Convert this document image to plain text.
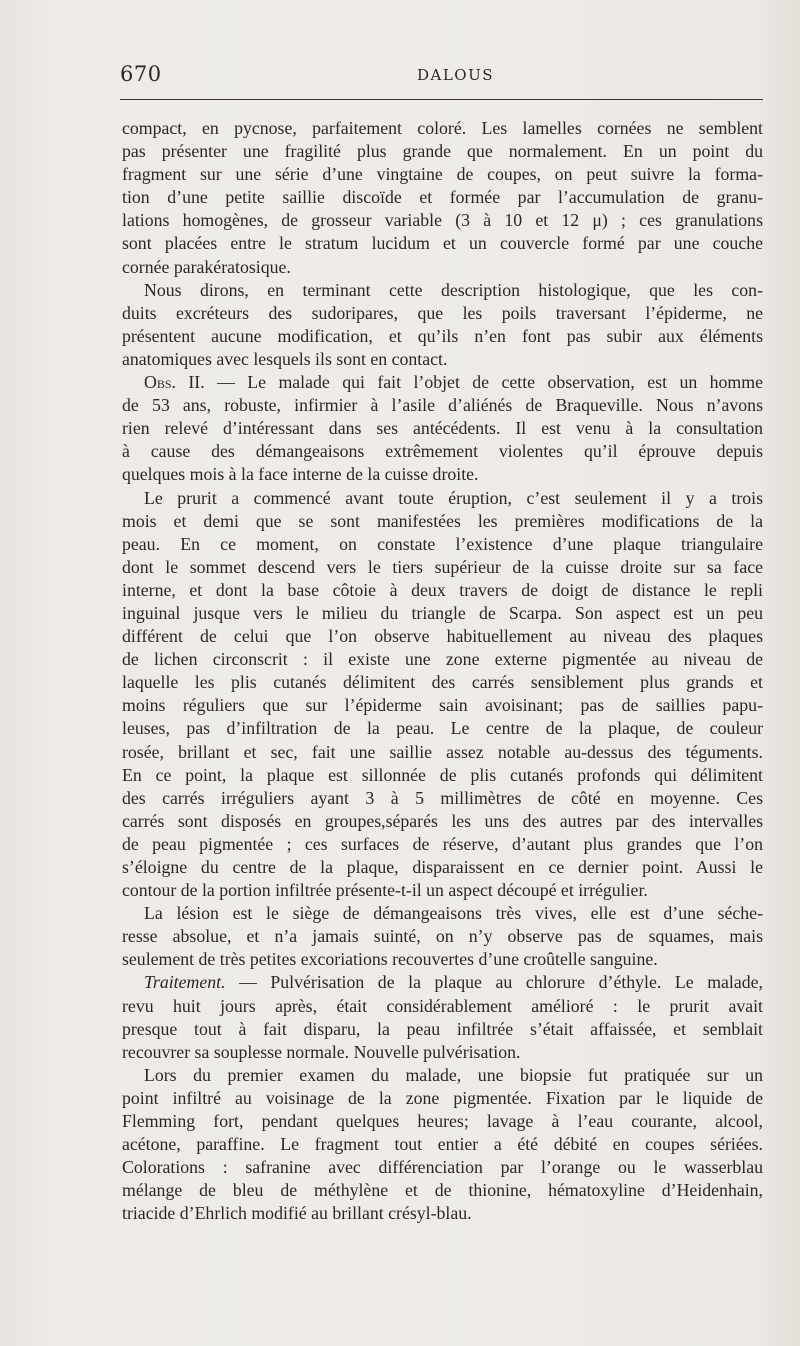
670	DALOUS
compact, en pycnose, parfaitement coloré. Les lamelles cornées ne semblent
pas présenter une fragilité plus grande que normalement. En un point du
fragment sur une série d’une vingtaine de coupes, on peut suivre la forma-
tion d’une petite saillie discoïde et formée par l’accumulation de granu-
lations homogènes, de grosseur variable (3 à 10 et 12 μ) ; ces granulations
sont placées entre le stratum lucidum et un couvercle formé par une couche
cornée parakératosique.
Nous dirons, en terminant cette description histologique, que les con-
duits excréteurs des sudoripares, que les poils traversant l’épiderme, ne
présentent aucune modification, et qu’ils n’en font pas subir aux éléments
anatomiques avec lesquels ils sont en contact.
Obs. II. — Le malade qui fait l’objet de cette observation, est un homme
de 53 ans, robuste, infirmier à l’asile d’aliénés de Braqueville. Nous n’avons
rien relevé d’intéressant dans ses antécédents. Il est venu à la consultation
à cause des démangeaisons extrêmement violentes qu’il éprouve depuis
quelques mois à la face interne de la cuisse droite.
Le prurit a commencé avant toute éruption, c’est seulement il y a trois
mois et demi que se sont manifestées les premières modifications de la
peau. En ce moment, on constate l’existence d’une plaque triangulaire
dont le sommet descend vers le tiers supérieur de la cuisse droite sur sa face
interne, et dont la base côtoie à deux travers de doigt de distance le repli
inguinal jusque vers le milieu du triangle de Scarpa. Son aspect est un peu
différent de celui que l’on observe habituellement au niveau des plaques
de lichen circonscrit : il existe une zone externe pigmentée au niveau de
laquelle les plis cutanés délimitent des carrés sensiblement plus grands et
moins réguliers que sur l’épiderme sain avoisinant; pas de saillies papu-
leuses, pas d’infiltration de la peau. Le centre de la plaque, de couleur
rosée, brillant et sec, fait une saillie assez notable au-dessus des téguments.
En ce point, la plaque est sillonnée de plis cutanés profonds qui délimitent
des carrés irréguliers ayant 3 à 5 millimètres de côté en moyenne. Ces
carrés sont disposés en groupes,séparés les uns des autres par des intervalles
de peau pigmentée ; ces surfaces de réserve, d’autant plus grandes que l’on
s’éloigne du centre de la plaque, disparaissent en ce dernier point. Aussi le
contour de la portion infiltrée présente-t-il un aspect découpé et irrégulier.
La lésion est le siège de démangeaisons très vives, elle est d’une séche-
resse absolue, et n’a jamais suinté, on n’y observe pas de squames, mais
seulement de très petites excoriations recouvertes d’une croûtelle sanguine.
Traitement. — Pulvérisation de la plaque au chlorure d’éthyle. Le malade,
revu huit jours après, était considérablement amélioré : le prurit avait
presque tout à fait disparu, la peau infiltrée s’était affaissée, et semblait
recouvrer sa souplesse normale. Nouvelle pulvérisation.
Lors du premier examen du malade, une biopsie fut pratiquée sur un
point infiltré au voisinage de la zone pigmentée. Fixation par le liquide de
Flemming fort, pendant quelques heures; lavage à l’eau courante, alcool,
acétone, paraffine. Le fragment tout entier a été débité en coupes sériées.
Colorations : safranine avec différenciation par l’orange ou le wasserblau
mélange de bleu de méthylène et de thionine, hématoxyline d’Heidenhain,
triacide d’Ehrlich modifié au brillant crésyl-blau.
